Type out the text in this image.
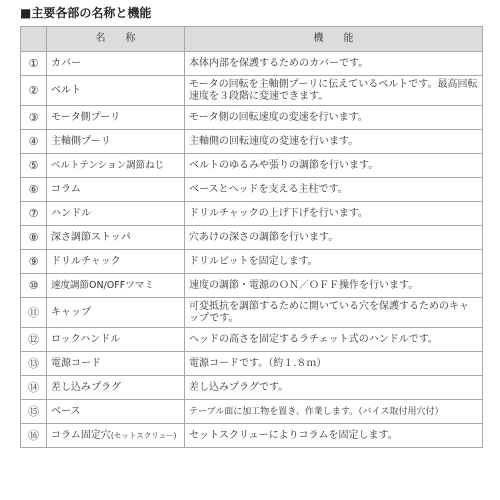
■主要各部の名称と機能
	名　　称	機　　能
①	カバー	本体内部を保護するためのカバーです。
②	ベルト	モータの回転を主軸側プーリに伝えているベルトです。最高回転速度を３段階に変速できます。
③	モータ側プーリ	モータ側の回転速度の変速を行います。
④	主軸側プーリ	主軸側の回転速度の変速を行います。
⑤	ベルトテンション調節ねじ	ベルトのゆるみや張りの調節を行います。
⑥	コラム	ベースとヘッドを支える主柱です。
⑦	ハンドル	ドリルチャックの上げ下げを行います。
⑧	深さ調節ストッパ	穴あけの深さの調節を行います。
⑨	ドリルチャック	ドリルビットを固定します。
⑩	速度調節ON/OFFツマミ	速度の調節・電源のＯＮ／ＯＦＦ操作を行います。
⑪	キャップ	可変抵抗を調節するために開いている穴を保護するためのキャップです。
⑫	ロックハンドル	ヘッドの高さを固定するラチェット式のハンドルです。
⑬	電源コード	電源コードです。（約１.８ｍ）
⑭	差し込みプラグ	差し込みプラグです。
⑮	ベース	テーブル面に加工物を置き、作業します。（バイス取付用穴付）
⑯	コラム固定穴(セットスクリュー)	セットスクリューによりコラムを固定します。
